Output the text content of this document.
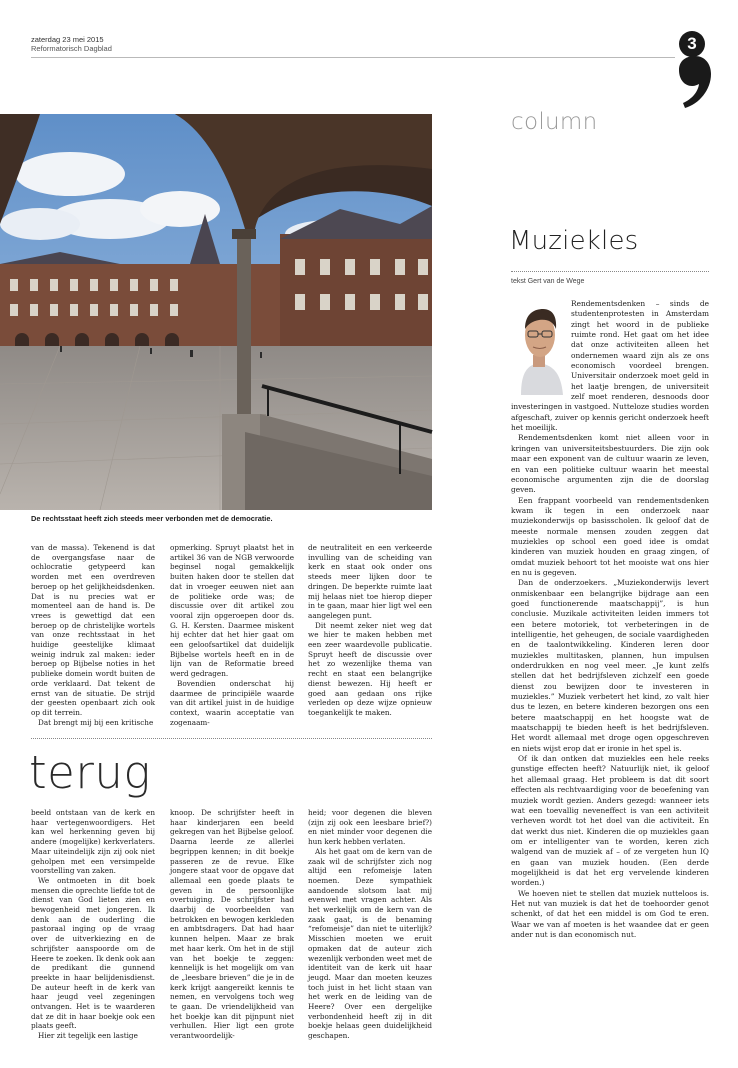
zaterdag 23 mei 2015
Reformatorisch Dagblad	3
De rechtsstaat heeft zich steeds meer verbonden met de democratie.

van de massa). Tekenend is dat de overgangsfase naar de ochlocratie getypeerd kan worden met een overdreven beroep op het gelijkheidsdenken. Dat is nu precies wat er momenteel aan de hand is. De vrees is gewettigd dat een beroep op de christelijke wortels van onze rechtsstaat in het huidige geestelijke klimaat weinig indruk zal maken: ieder beroep op Bijbelse noties in het publieke domein wordt buiten de orde verklaard. Dat tekent de ernst van de situatie. De strijd der geesten openbaart zich ook op dit terrein.

Dat brengt mij bij een kritische

opmerking. Spruyt plaatst het in artikel 36 van de NGB verwoorde beginsel nogal gemakkelijk buiten haken door te stellen dat dat in vroeger eeuwen niet aan de politieke orde was; de discussie over dit artikel zou vooral zijn opgeroepen door ds. G. H. Kersten. Daarmee miskent hij echter dat het hier gaat om een geloofsartikel dat duidelijk Bijbelse wortels heeft en in de lijn van de Reformatie breed werd gedragen.

Bovendien onderschat hij daarmee de principiële waarde van dit artikel juist in de huidige context, waarin acceptatie van zogenaam-

de neutraliteit en een verkeerde invulling van de scheiding van kerk en staat ook onder ons steeds meer lijken door te dringen. De beperkte ruimte laat mij helaas niet toe hierop dieper in te gaan, maar hier ligt wel een aangelegen punt.

Dit neemt zeker niet weg dat we hier te maken hebben met een zeer waardevolle publicatie. Spruyt heeft de discussie over het zo wezenlijke thema van recht en staat een belangrijke dienst bewezen. Hij heeft er goed aan gedaan ons rijke verleden op deze wijze opnieuw toegankelijk te maken.

terug

beeld ontstaan van de kerk en haar vertegenwoordigers. Het kan wel herkenning geven bij andere (mogelijke) kerkverlaters. Maar uiteindelijk zijn zij ook niet geholpen met een versimpelde voorstelling van zaken.

We ontmoeten in dit boek mensen die oprechte liefde tot de dienst van God lieten zien en bewogenheid met jongeren. Ik denk aan de ouderling die pastoraal inging op de vraag over de uitverkiezing en de schrijfster aanspoorde om de Heere te zoeken. Ik denk ook aan de predikant die gunnend preekte in haar belijdenisdienst. De auteur heeft in de kerk van haar jeugd veel zegeningen ontvangen. Het is te waarderen dat ze dit in haar boekje ook een plaats geeft.

Hier zit tegelijk een lastige

knoop. De schrijfster heeft in haar kinderjaren een beeld gekregen van het Bijbelse geloof. Daarna leerde ze allerlei begrippen kennen; in dit boekje passeren ze de revue. Elke jongere staat voor de opgave dat allemaal een goede plaats te geven in de persoonlijke overtuiging. De schrijfster had daarbij de voorbeelden van betrokken en bewogen kerkleden en ambtsdragers. Dat had haar kunnen helpen. Maar ze brak met haar kerk. Om het in de stijl van het boekje te zeggen: kennelijk is het mogelijk om van de „leesbare brieven” die je in de kerk krijgt aangereikt kennis te nemen, en vervolgens toch weg te gaan. De vriendelijkheid van het boekje kan dit pijnpunt niet verhullen. Hier ligt een grote verantwoordelijk-

heid; voor degenen die bleven (zijn zij ook een leesbare brief?) en niet minder voor degenen die hun kerk hebben verlaten.

Als het gaat om de kern van de zaak wil de schrijfster zich nog altijd een refomeisje laten noemen. Deze sympathiek aandoende slotsom laat mij evenwel met vragen achter. Als het werkelijk om de kern van de zaak gaat, is de benaming “refomeisje” dan niet te uiterlijk? Misschien moeten we eruit opmaken dat de auteur zich wezenlijk verbonden weet met de identiteit van de kerk uit haar jeugd. Maar dan moeten keuzes toch juist in het licht staan van het werk en de leiding van de Heere? Over een dergelijke verbondenheid heeft zij in dit boekje helaas geen duidelijkheid geschapen.

column
Muziekles
tekst Gert van de Wege

Rendementsdenken – sinds de studentenprotesten in Amsterdam zingt het woord in de publieke ruimte rond. Het gaat om het idee dat onze activiteiten alleen het ondernemen waard zijn als ze ons economisch voordeel brengen. Universitair onderzoek moet geld in het laatje brengen, de universiteit zelf moet renderen, desnoods door investeringen in vastgoed. Nutteloze studies worden afgeschaft, zuiver op kennis gericht onderzoek heeft het moeilijk.

Rendementsdenken komt niet alleen voor in kringen van universiteitsbestuurders. Die zijn ook maar een exponent van de cultuur waarin ze leven, en van een politieke cultuur waarin het meestal economische argumenten zijn die de doorslag geven.

Een frappant voorbeeld van rendementsdenken kwam ik tegen in een onderzoek naar muziekonderwijs op basisscholen. Ik geloof dat de meeste normale mensen zouden zeggen dat muziekles op school een goed idee is omdat kinderen van muziek houden en graag zingen, of omdat muziek behoort tot het mooiste wat ons hier en nu is gegeven.

Dan de onderzoekers. „Muziekonderwijs levert onmiskenbaar een belangrijke bijdrage aan een goed functionerende maatschappij”, is hun conclusie. Muzikale activiteiten leiden immers tot een betere motoriek, tot verbeteringen in de intelligentie, het geheugen, de sociale vaardigheden en de taalontwikkeling. Kinderen leren door muziekles multitasken, plannen, hun impulsen onderdrukken en nog veel meer. „Je kunt zelfs stellen dat het bedrijfsleven zichzelf een goede dienst zou bewijzen door te investeren in muziekles.” Muziek verbetert het kind, zo valt hier dus te lezen, en betere kinderen bezorgen ons een betere maatschappij en het hoogste wat de maatschappij te bieden heeft is het bedrijfsleven. Het wordt allemaal met droge ogen opgeschreven en niets wijst erop dat er ironie in het spel is.

Of ik dan ontken dat muziekles een hele reeks gunstige effecten heeft? Natuurlijk niet, ik geloof het allemaal graag. Het probleem is dat dit soort effecten als rechtvaardiging voor de beoefening van muziek wordt gezien. Anders gezegd: wanneer iets wat een toevallig neveneffect is van een activiteit verheven wordt tot het doel van die activiteit. En dat werkt dus niet. Kinderen die op muziekles gaan om er intelligenter van te worden, keren zich walgend van de muziek af – of ze vergeten hun IQ en gaan van muziek houden. (Een derde mogelijkheid is dat het erg vervelende kinderen worden.)

We hoeven niet te stellen dat muziek nutteloos is. Het nut van muziek is dat het de toehoorder genot schenkt, of dat het een middel is om God te eren. Waar we van af moeten is het waandee dat er geen ander nut is dan economisch nut.
